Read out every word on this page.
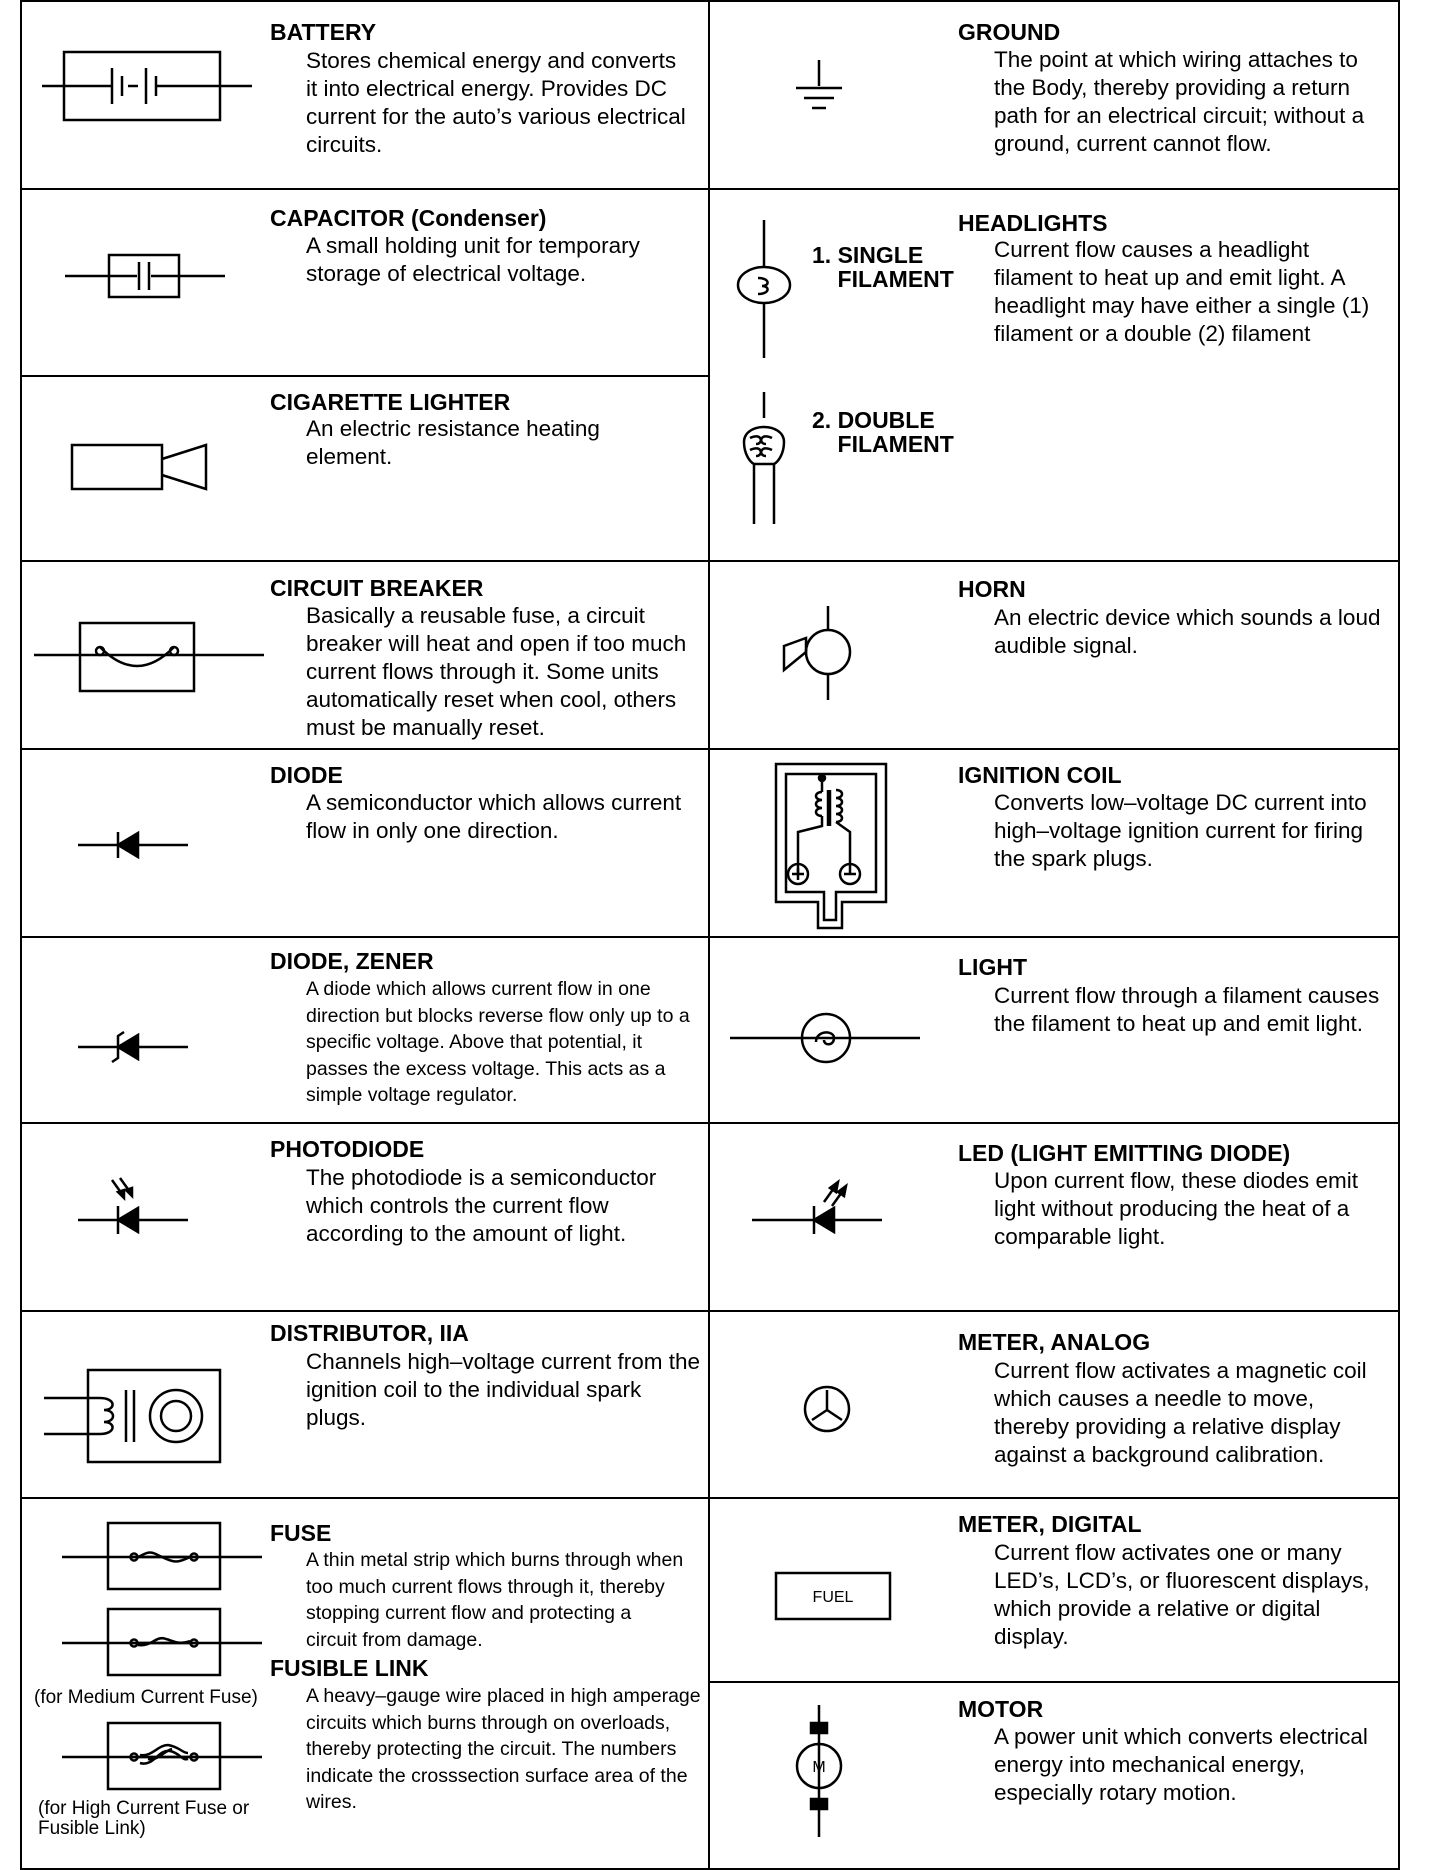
BATTERY
Stores chemical energy and converts it into electrical energy. Provides DC current for the auto’s various electrical circuits.
CAPACITOR (Condenser)
A small holding unit for temporary storage of electrical voltage.
CIGARETTE LIGHTER
An electric resistance heating element.
CIRCUIT BREAKER
Basically a reusable fuse, a circuit breaker will heat and open if too much current flows through it. Some units automatically reset when cool, others must be manually reset.
DIODE
A semiconductor which allows current flow in only one direction.
DIODE, ZENER
A diode which allows current flow in one direction but blocks reverse flow only up to a specific voltage. Above that potential, it passes the excess voltage. This acts as a simple voltage regulator.
PHOTODIODE
The photodiode is a semiconductor which controls the current flow according to the amount of light.
DISTRIBUTOR, IIA
Channels high–voltage current from the ignition coil to the individual spark plugs.
(for Medium Current Fuse)
(for High Current Fuse or Fusible Link)
FUSE
A thin metal strip which burns through when too much current flows through it, thereby stopping current flow and protecting a circuit from damage.
FUSIBLE LINK
A heavy–gauge wire placed in high amperage circuits which burns through on overloads, thereby protecting the circuit. The numbers indicate the crosssection surface area of the wires.
GROUND
The point at which wiring attaches to the Body, thereby providing a return path for an electrical circuit; without a ground, current cannot flow.
1. SINGLE
FILAMENT
2. DOUBLE
FILAMENT
HEADLIGHTS
Current flow causes a headlight filament to heat up and emit light. A headlight may have either a single (1) filament or a double (2) filament
HORN
An electric device which sounds a loud audible signal.
IGNITION COIL
Converts low–voltage DC current into high–voltage ignition current for firing the spark plugs.
LIGHT
Current flow through a filament causes the filament to heat up and emit light.
LED (LIGHT EMITTING DIODE)
Upon current flow, these diodes emit light without producing the heat of a comparable light.
METER, ANALOG
Current flow activates a magnetic coil which causes a needle to move, thereby providing a relative display against a background calibration.
FUEL
METER, DIGITAL
Current flow activates one or many LED’s, LCD’s, or fluorescent displays, which provide a relative or digital display.
M
MOTOR
A power unit which converts electrical energy into mechanical energy, especially rotary motion.
